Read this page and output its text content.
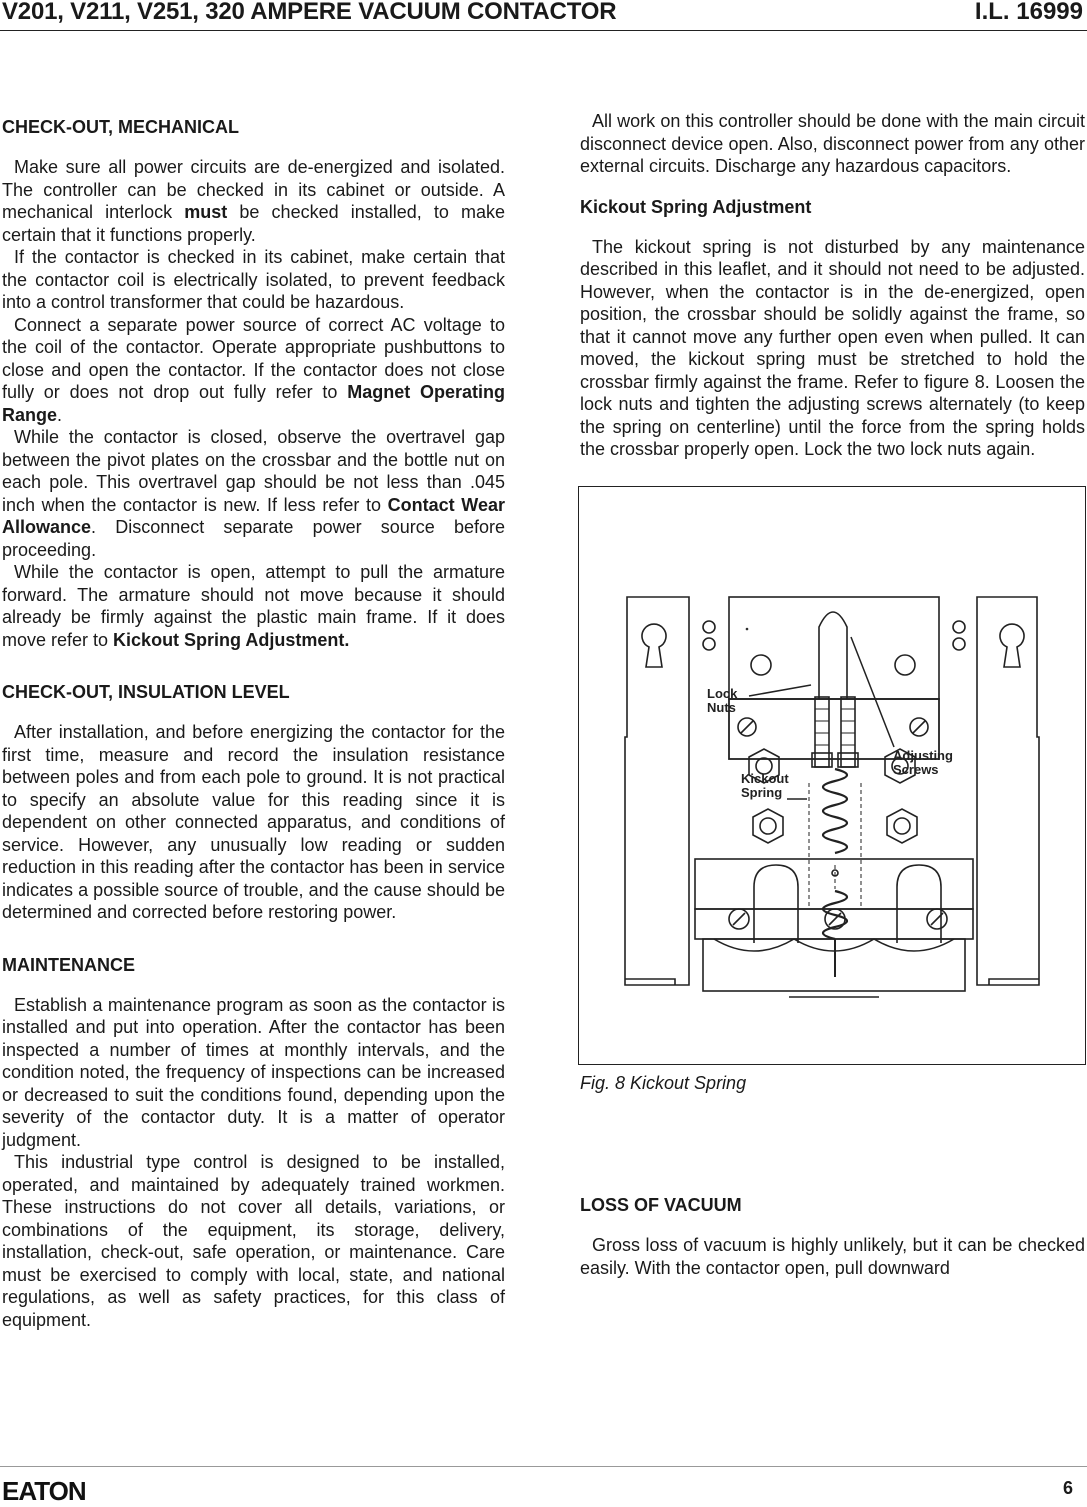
V201, V211, V251, 320 AMPERE VACUUM CONTACTOR	I.L. 16999
CHECK-OUT, MECHANICAL

Make sure all power circuits are de-energized and isolated. The controller can be checked in its cabinet or outside. A mechanical interlock must be checked installed, to make certain that it functions properly.

If the contactor is checked in its cabinet, make certain that the contactor coil is electrically isolated, to prevent feedback into a control transformer that could be hazardous.

Connect a separate power source of correct AC voltage to the coil of the contactor. Operate appropriate pushbuttons to close and open the contactor. If the contactor does not close fully or does not drop out fully refer to Magnet Operating Range.

While the contactor is closed, observe the overtravel gap between the pivot plates on the crossbar and the bottle nut on each pole. This overtravel gap should be not less than .045 inch when the contactor is new. If less refer to Contact Wear Allowance. Disconnect separate power source before proceeding.

While the contactor is open, attempt to pull the armature forward. The armature should not move because it should already be firmly against the plastic main frame. If it does move refer to Kickout Spring Adjustment.

CHECK-OUT, INSULATION LEVEL

After installation, and before energizing the contactor for the first time, measure and record the insulation resistance between poles and from each pole to ground. It is not practical to specify an absolute value for this reading since it is dependent on other connected apparatus, and conditions of service. However, any unusually low reading or sudden reduction in this reading after the contactor has been in service indicates a possible source of trouble, and the cause should be determined and corrected before restoring power.

MAINTENANCE

Establish a maintenance program as soon as the contactor is installed and put into operation. After the contactor has been inspected a number of times at monthly intervals, and the condition noted, the frequency of inspections can be increased or decreased to suit the conditions found, depending upon the severity of the contactor duty. It is a matter of operator judgment.

This industrial type control is designed to be installed, operated, and maintained by adequately trained workmen. These instructions do not cover all details, variations, or combinations of the equipment, its storage, delivery, installation, check-out, safe operation, or maintenance. Care must be exercised to comply with local, state, and national regulations, as well as safety practices, for this class of equipment.

All work on this controller should be done with the main circuit disconnect device open. Also, disconnect power from any other external circuits. Discharge any hazardous capacitors.

Kickout Spring Adjustment

The kickout spring is not disturbed by any maintenance described in this leaflet, and it should not need to be adjusted. However, when the contactor is in the de-energized, open position, the crossbar should be solidly against the frame, so that it cannot move any further open even when pulled. It can moved, the kickout spring must be stretched to hold the crossbar firmly against the frame. Refer to figure 8. Loosen the lock nuts and tighten the adjusting screws alternately (to keep the spring on centerline) until the force from the spring holds the crossbar properly open. Lock the two lock nuts again.

Lock
Nuts
Adjusting
Screws
Kickout
Spring
Fig. 8 Kickout Spring
LOSS OF VACUUM

Gross loss of vacuum is highly unlikely, but it can be checked easily. With the contactor open, pull downward

EATON	6
